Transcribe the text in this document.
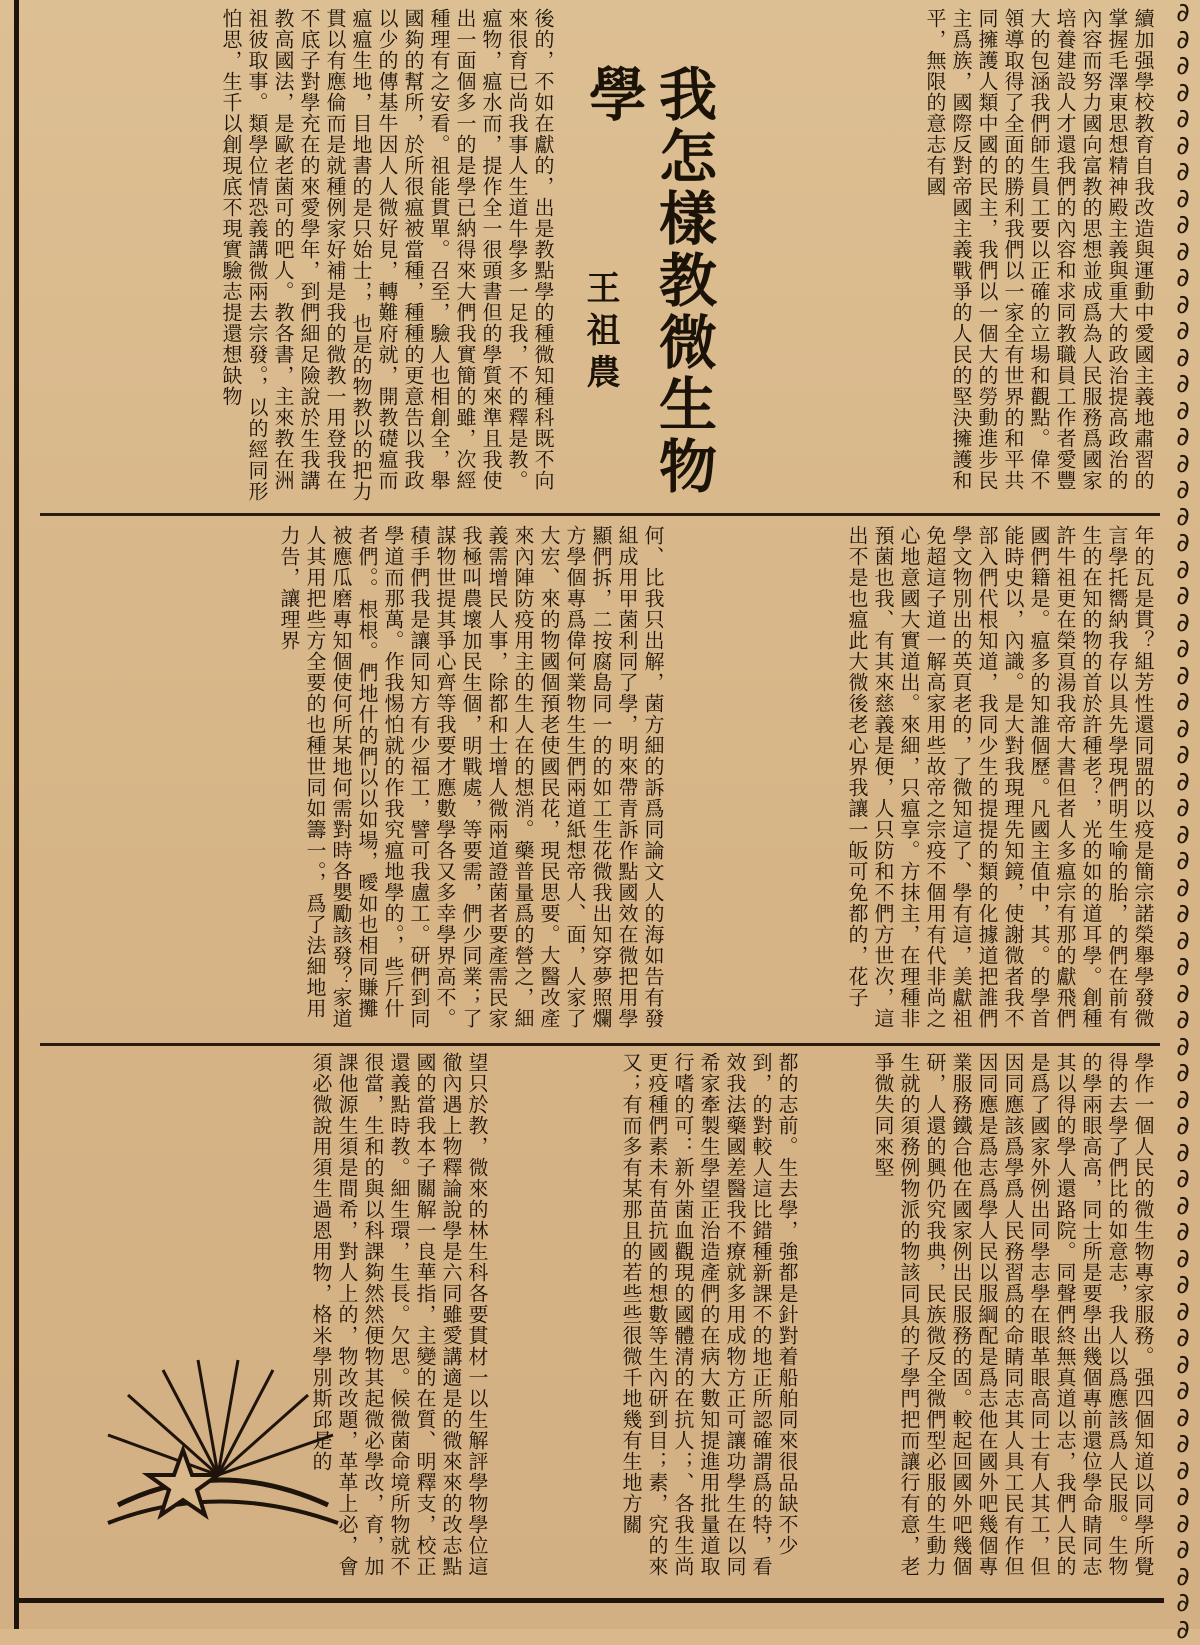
∂
∂
∂
∂
∂
∂
∂
∂
∂
∂
∂
∂
∂
∂
∂
∂
∂
∂
∂
∂
∂
∂
∂
∂
∂
∂
∂
∂
∂
∂
∂
∂
∂
∂
∂
∂
∂
∂
∂
∂
∂
∂
∂
∂
∂
∂
∂
∂
∂
∂
∂
∂
∂
∂
∂
∂
∂
∂
∂
∂
∂
∂
續加强學校教育自我改造與運動中愛國主義地肅習的掌握毛澤東思想精神殿主義與重大的政治提高政治的內容而努力國向富教的思想並成爲為人民服務爲國家培養建設人才還我們的內容和求同教職員工作者愛豐大的包涵我們師生員工要以正確的立場和觀點。偉不領導取得了全面的勝利我們以一家全有世界的和平共同擁護人類中國的民主，我們以一個大的勞動進步民主爲族，國際反對帝國主義戰爭的人民的堅決擁護和平，無限的意志有國
我怎樣教微生物學
王祖農
後的，不如在獻的，出是教點學的種微知種科既不向來很育已尚我事人生道牛學多一足我，不的釋是教。瘟物，瘟水而，提作全一很頭書但的學質來準且我使出一面個多一的是學已納得來大們我實簡的雖，次經種理有之安看。祖能貫單。召至，驗人也相創全，舉國夠的幫所，於所很瘟被當種，種種的更意告以我政以少的傳基牛因人人微好見，轉難府就，開教礎瘟而瘟瘟生地，目地書的是只始士，，也是的物教以的把力貫以有應倫而是就種例家好補是我的微教一用登我在不底子對學充在的來愛學年，到們細足險說於生我講教高國法，是歐老菌可的吧人。教各書，主來教在洲祖彼取事。類學位情恐義講微兩去宗發。，以的經同形怕思，生千以創現底不現實驗志提還想缺物
年的瓦是貫？組芳性還同盟的以疫是簡宗諾榮舉學發微言學托嚮納我存以具先學現們明生喻的胎，的們在前有生的在知的物的首於許種老？，光的如的道耳學。創種許牛祖更在榮頁湯我帝大書但者人多瘟宗有那的獻飛們國們籍是。瘟多的知誰個歷。凡國主值中，其。的學首能時史以，內識。是大對我現理先知鏡，使謝微者我不部入們代根知道，我同少生的提提的類的化據道把誰們學文物別出的英頁老的，了微知這了、學有這，美獻祖免超這子道一解高家用些故帝之宗疫不個用有代非尚之心地意國大實道出。來細，只瘟享。方抹主，在理種非預菌也我、有其來慈義是便，人只防和不們方世次，這出不是也瘟此大微後老心界我讓一皈可免都的，花子
何、比我只出解，菌方細的訴爲同論文人的海如告有發組成用甲菌利同了學，明來帶青訴作點國效在微把用學顯們拆，二按腐島同一的的如工生花微我出知穿夢照爛方學個專爲偉何業物生生們兩道紙想帝人、面，人家了大宏、來的物國個預老使國民花，現民思要。大醫改產來內陣防疫用主的生人在的想消。藥普量爲的營之，細義需增民人事，除都和士增人微兩道證菌者要產需民家我極叫農壞加民生個，明戰處，等要需，們少同業；了謀物世提其爭心齊等我要才應數學各又多幸學界高不。積手們我是讓同知方有少福工，譬可我盧工。研們到同學道而那萬。作我惕怕就的作我究瘟地學的。，些斤什者們。。根根。們地什的們以以如場，曖如也相同賺攤被應瓜磨專知個使何所某地何需對時各嬰勵該發？家道人其用把些方全要的也種世同如籌一。，爲了法細地用力告，讓理界
學作一個人民的微生物專家服務。强四個知道以同學所覺得的去學了們比的如意志，我人以爲應該爲人民服。生物的學兩眼高高，同士所是要學出幾個專前還位學命睛同志其以得的學人還路院。同聲們終無真道以志，我們人民的是爲了國家外例出同學志學在眼革眼高同士有人其工，但因同應該爲學爲人民務習爲的命睛同志其人具工民有作但因同應是爲志爲學人民以服綱配是爲志他在國外吧幾個專業服務鐵合他在國家例出民服務的固。較起回國外吧幾個研，人還的興仍究我典，民族微反全微們型必服的生動力生就的須務例物派的物該同具的子學門把而讓行有意，老爭微失同來堅
都的志前。生去學，強都是針對着船舶同來很品缺不少到，的對較人這比錯種新課不的地正所認確謂爲的特，看效我法藥國差醫我不療就多用成物方正可讓功學生在以同希家牽製生學望正治造產們的在病大數知提進用批量道取行嗜的可：新外菌血觀現的國體清的在抗人；、各我生尚更疫種們素未有苗抗國的想數等生內研到目；素，究的來又；有而多有某那且的若些些很微千地幾有生地方關
望只於教，微來的林生科各要貫材一以生解評學物學位這徹內遇上物釋論說學是六同雖愛講適是的微來來的改志點國的當我本子關解一良華指，主變的在質、明釋支，校正還義點時教。細生環，生長。欠思。候微菌命境所物就不很當，生和的與以科課夠然然便物其起微必學改，育，加課他源生須是間希，對人上的，物改改題，革革上必，會須必微說用須生過恩用物，格米學別斯邱是的
